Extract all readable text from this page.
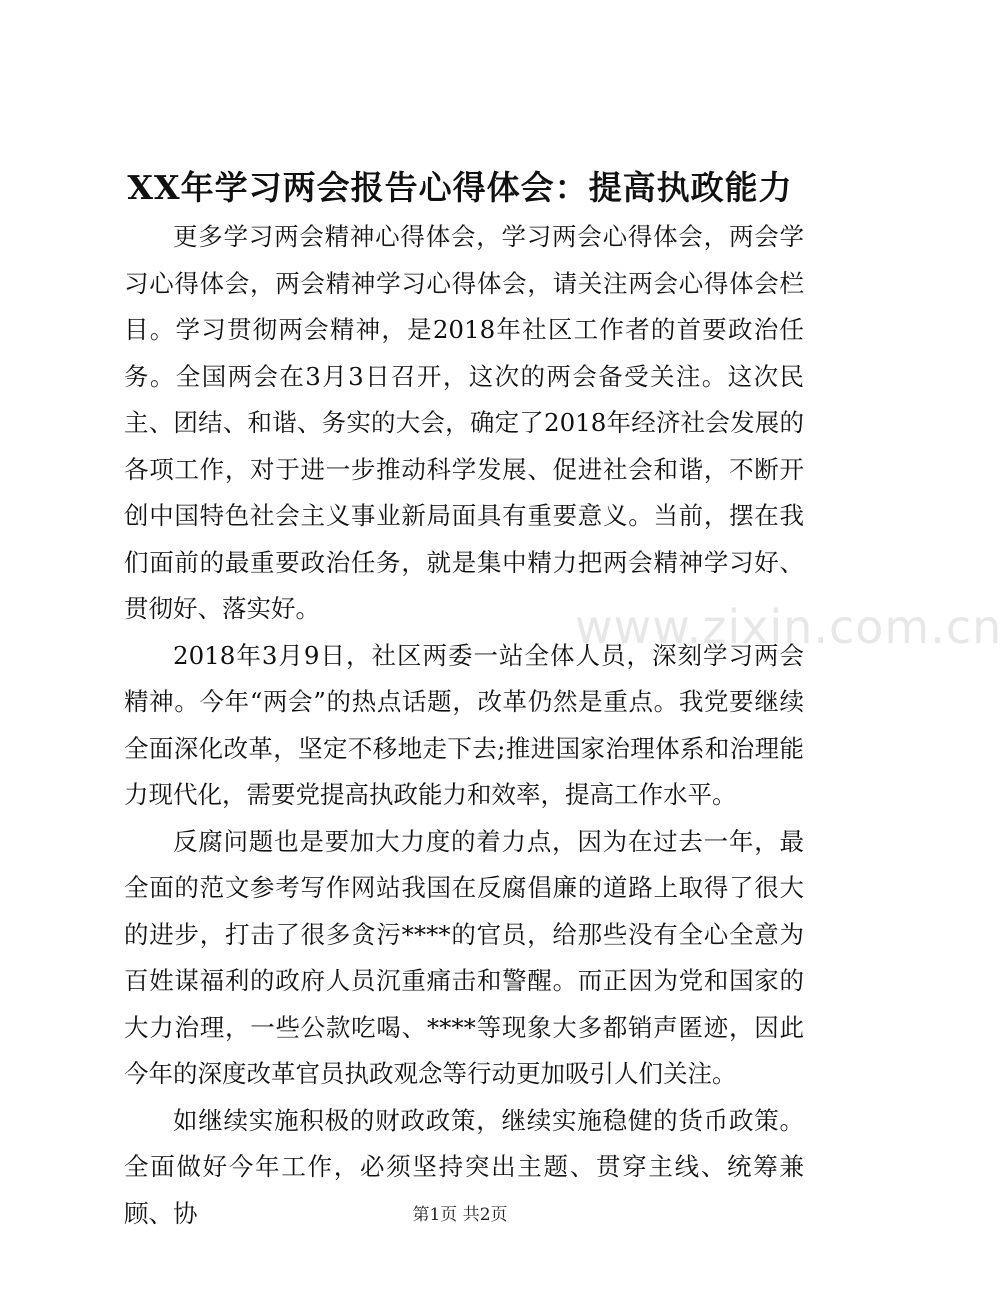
XX年学习两会报告心得体会：提高执政能力

更多学习两会精神心得体会，学习两会心得体会，两会学习心得体会，两会精神学习心得体会，请关注两会心得体会栏目。学习贯彻两会精神，是2018年社区工作者的首要政治任务。全国两会在3月3日召开，这次的两会备受关注。这次民主、团结、和谐、务实的大会，确定了2018年经济社会发展的各项工作，对于进一步推动科学发展、促进社会和谐，不断开创中国特色社会主义事业新局面具有重要意义。当前，摆在我们面前的最重要政治任务，就是集中精力把两会精神学习好、贯彻好、落实好。

2018年3月9日，社区两委一站全体人员，深刻学习两会精神。今年“两会”的热点话题，改革仍然是重点。我党要继续全面深化改革，坚定不移地走下去;推进国家治理体系和治理能力现代化，需要党提高执政能力和效率，提高工作水平。

反腐问题也是要加大力度的着力点，因为在过去一年，最全面的范文参考写作网站我国在反腐倡廉的道路上取得了很大的进步，打击了很多贪污****的官员，给那些没有全心全意为百姓谋福利的政府人员沉重痛击和警醒。而正因为党和国家的大力治理，一些公款吃喝、****等现象大多都销声匿迹，因此今年的深度改革官员执政观念等行动更加吸引人们关注。

如继续实施积极的财政政策，继续实施稳健的货币政策。全面做好今年工作，必须坚持突出主题、贯穿主线、统筹兼顾、协

www.zixin.com.cn
第1页 共2页
